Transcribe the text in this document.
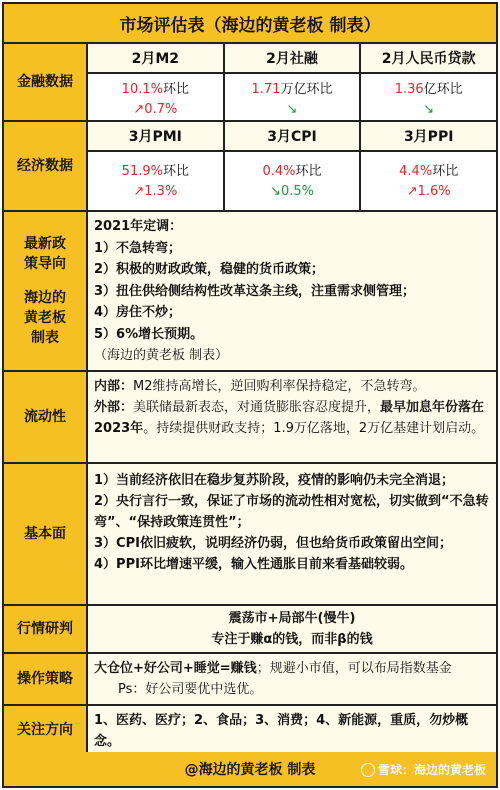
市场评估表（海边的黄老板 制表）
金融数据
2月M2
10.1%环比
↗0.7%
2月社融
1.71万亿环比
↘
2月人民币贷款
1.36亿环比
↘
经济数据
3月PMI
51.9%环比
↗1.3%
3月CPI
0.4%环比
↘0.5%
3月PPI
4.4%环比
↗1.6%
最新政
策导向
海边的
黄老板
制表
2021年定调：
1）不急转弯；
2）积极的财政政策，稳健的货币政策；
3）扭住供给侧结构性改革这条主线，注重需求侧管理；
4）房住不炒；
5）6%增长预期。
（海边的黄老板 制表）
流动性
内部：M2维持高增长，逆回购利率保持稳定，不急转弯。
外部：美联储最新表态，对通货膨胀容忍度提升，最早加息年份落在2023年。持续提供财政支持；1.9万亿落地，2万亿基建计划启动。
基本面
1）当前经济依旧在稳步复苏阶段，疫情的影响仍未完全消退；
2）央行言行一致，保证了市场的流动性相对宽松，切实做到“不急转弯”、“保持政策连贯性”；
3）CPI依旧疲软，说明经济仍弱，但也给货币政策留出空间；
4）PPI环比增速平缓，输入性通胀目前来看基础较弱。
行情研判
震荡市+局部牛(慢牛)
专注于赚α的钱，而非β的钱
操作策略
大仓位+好公司+睡觉=赚钱；规避小市值，可以布局指数基金
Ps：好公司要优中选优。
关注方向
1、医药、医疗；2、食品；3、消费；4、新能源，重质，勿炒概念。
@海边的黄老板 制表	雪球：海边的黄老板
